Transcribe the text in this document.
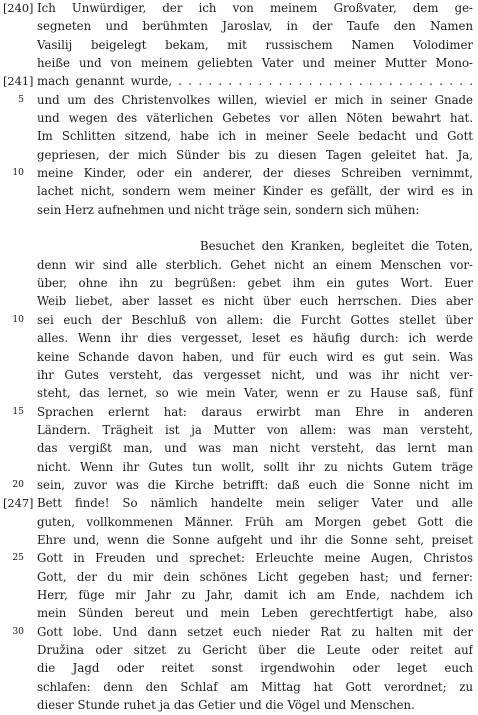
[240]
[241]
[247]
5
10
10
15
20
25
30
Ich Unwürdiger, der ich von meinem Großvater, dem ge-
segneten und berühmten Jaroslav, in der Taufe den Namen
Vasilij beigelegt bekam, mit russischem Namen Volodimer
heiße und von meinem geliebten Vater und meiner Mutter Mono-
mach genannt wurde, . . . . . . . . . . . . . . . . . . . . . . . . . . . . . .
und um des Christenvolkes willen, wieviel er mich in seiner Gnade
und wegen des väterlichen Gebetes vor allen Nöten bewahrt hat.
Im Schlitten sitzend, habe ich in meiner Seele bedacht und Gott
gepriesen, der mich Sünder bis zu diesen Tagen geleitet hat. Ja,
meine Kinder, oder ein anderer, der dieses Schreiben vernimmt,
lachet nicht, sondern wem meiner Kinder es gefällt, der wird es in
sein Herz aufnehmen und nicht träge sein, sondern sich mühen:
Besuchet den Kranken, begleitet die Toten,
denn wir sind alle sterblich. Gehet nicht an einem Menschen vor-
über, ohne ihn zu begrüßen: gebet ihm ein gutes Wort. Euer
Weib liebet, aber lasset es nicht über euch herrschen. Dies aber
sei euch der Beschluß von allem: die Furcht Gottes stellet über
alles. Wenn ihr dies vergesset, leset es häufig durch: ich werde
keine Schande davon haben, und für euch wird es gut sein. Was
ihr Gutes versteht, das vergesset nicht, und was ihr nicht ver-
steht, das lernet, so wie mein Vater, wenn er zu Hause saß, fünf
Sprachen erlernt hat: daraus erwirbt man Ehre in anderen
Ländern. Trägheit ist ja Mutter von allem: was man versteht,
das vergißt man, und was man nicht versteht, das lernt man
nicht. Wenn ihr Gutes tun wollt, sollt ihr zu nichts Gutem träge
sein, zuvor was die Kirche betrifft: daß euch die Sonne nicht im
Bett finde! So nämlich handelte mein seliger Vater und alle
guten, vollkommenen Männer. Früh am Morgen gebet Gott die
Ehre und, wenn die Sonne aufgeht und ihr die Sonne seht, preiset
Gott in Freuden und sprechet: Erleuchte meine Augen, Christos
Gott, der du mir dein schönes Licht gegeben hast; und ferner:
Herr, füge mir Jahr zu Jahr, damit ich am Ende, nachdem ich
mein Sünden bereut und mein Leben gerechtfertigt habe, also
Gott lobe. Und dann setzet euch nieder Rat zu halten mit der
Družina oder sitzet zu Gericht über die Leute oder reitet auf
die Jagd oder reitet sonst irgendwohin oder leget euch
schlafen: denn den Schlaf am Mittag hat Gott verordnet; zu
dieser Stunde ruhet ja das Getier und die Vögel und Menschen.
